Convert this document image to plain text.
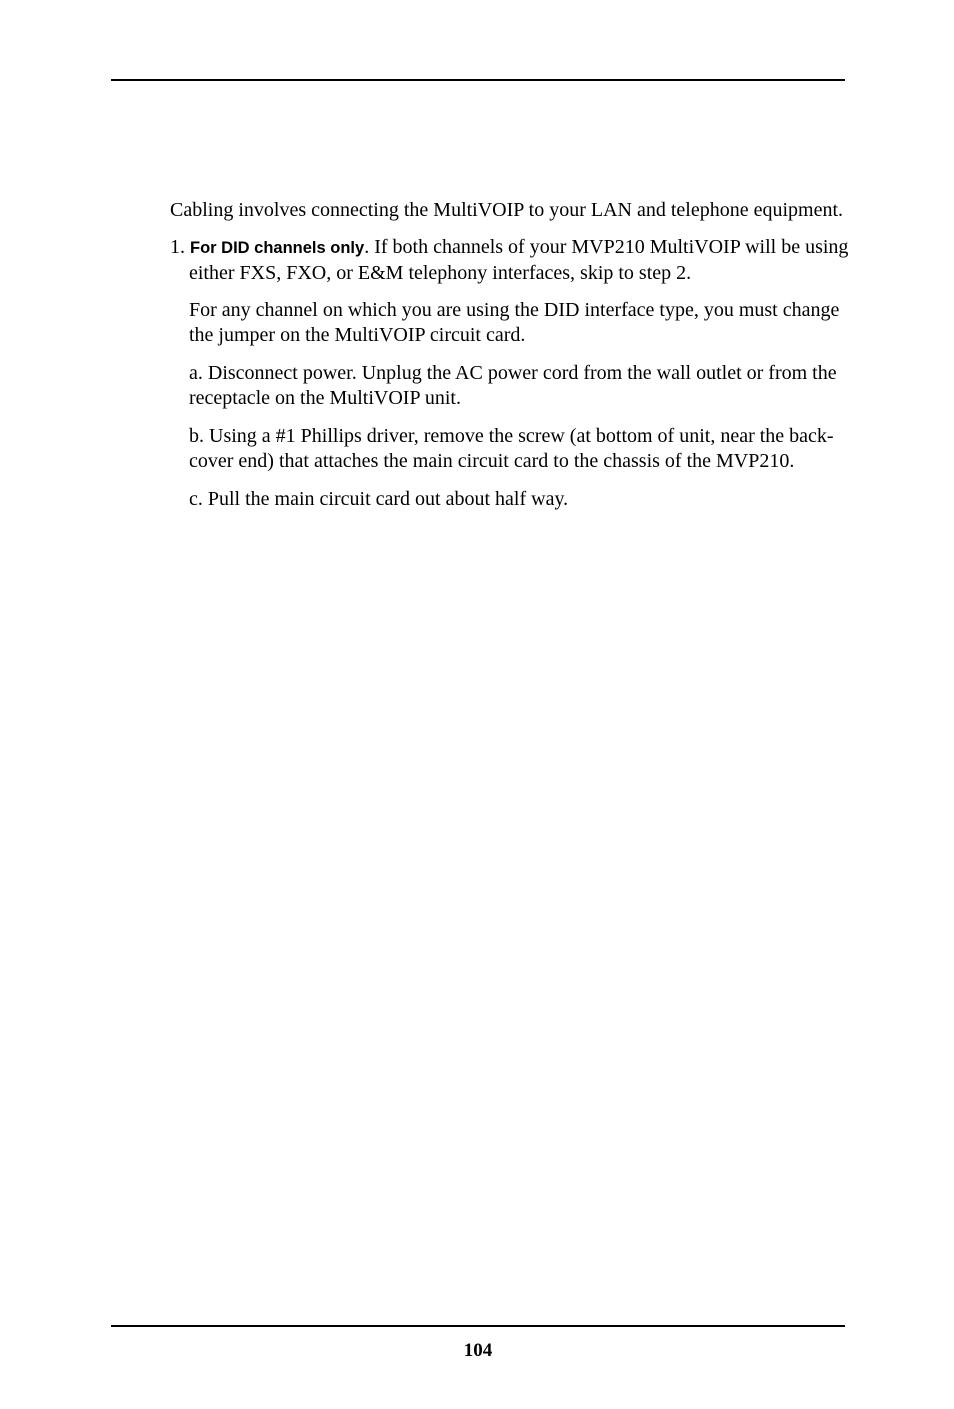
Cabling involves connecting the MultiVOIP to your LAN and telephone equipment.

1. For DID channels only. If both channels of your MVP210 MultiVOIP will be using either FXS, FXO, or E&M telephony interfaces, skip to step 2.

For any channel on which you are using the DID interface type, you must change the jumper on the MultiVOIP circuit card.

a. Disconnect power. Unplug the AC power cord from the wall outlet or from the receptacle on the MultiVOIP unit.

b. Using a #1 Phillips driver, remove the screw (at bottom of unit, near the back-cover end) that attaches the main circuit card to the chassis of the MVP210.

c. Pull the main circuit card out about half way.

104
